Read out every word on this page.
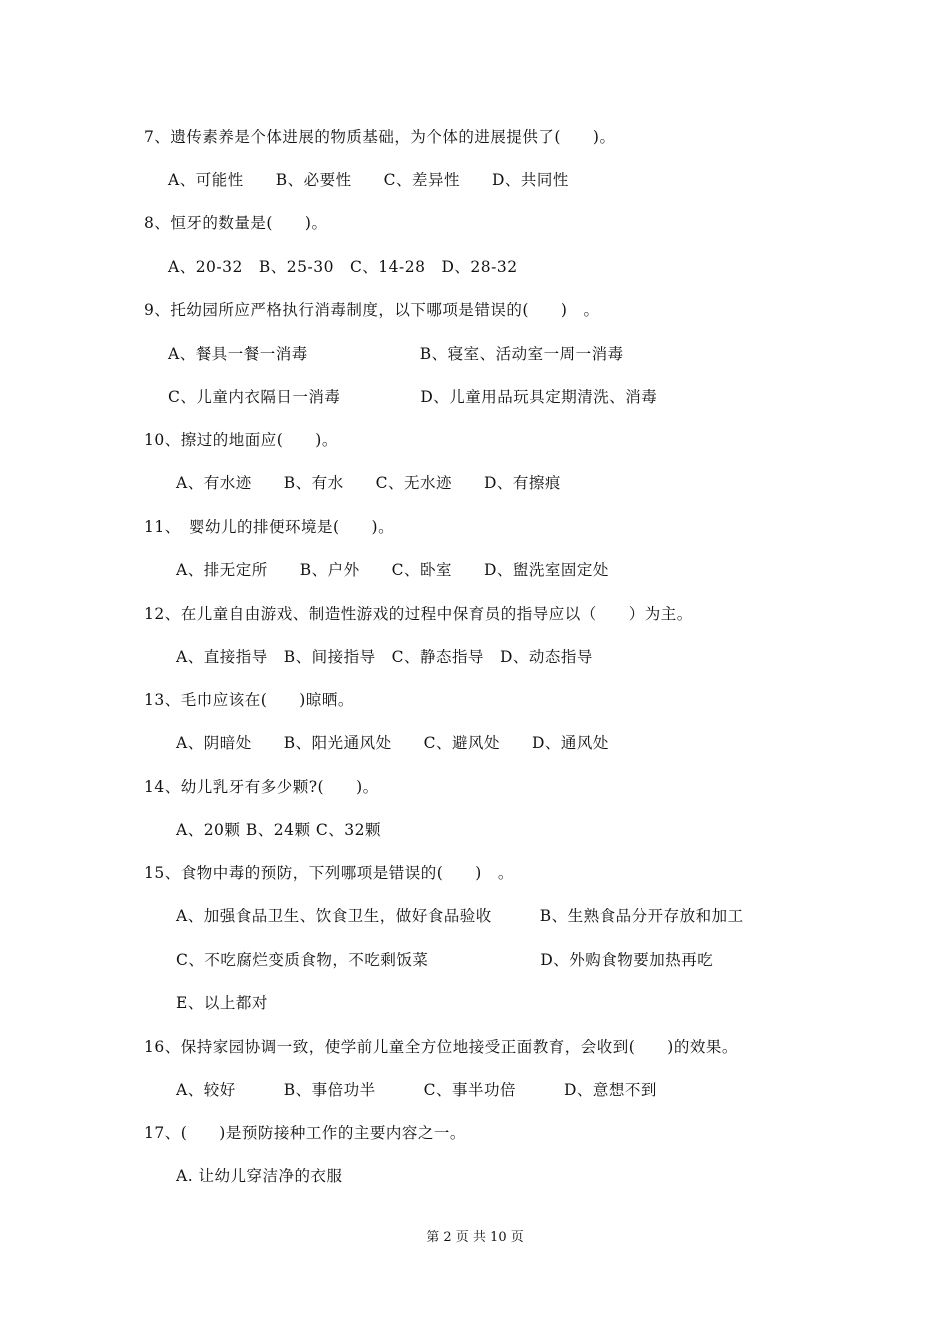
7、遗传素养是个体进展的物质基础，为个体的进展提供了(　　)。
A、可能性　　B、必要性　　C、差异性　　D、共同性
8、恒牙的数量是(　　)。
A、20-32　B、25-30　C、14-28　D、28-32
9、托幼园所应严格执行消毒制度，以下哪项是错误的(　　)　。
A、餐具一餐一消毒　　　　　　　B、寝室、活动室一周一消毒
C、儿童内衣隔日一消毒　　　　　D、儿童用品玩具定期清洗、消毒
10、擦过的地面应(　　)。
A、有水迹　　B、有水　　C、无水迹　　D、有擦痕
11、　婴幼儿的排便环境是(　　)。
A、排无定所　　B、户外　　C、卧室　　D、盥洗室固定处
12、在儿童自由游戏、制造性游戏的过程中保育员的指导应以（　　）为主。
A、直接指导　B、间接指导　C、静态指导　D、动态指导
13、毛巾应该在(　　)晾晒。
A、阴暗处　　B、阳光通风处　　C、避风处　　D、通风处
14、幼儿乳牙有多少颗?(　　)。
A、20颗 B、24颗 C、32颗
15、食物中毒的预防，下列哪项是错误的(　　)　。
A、加强食品卫生、饮食卫生，做好食品验收　　　B、生熟食品分开存放和加工
C、不吃腐烂变质食物，不吃剩饭菜　　　　　　　D、外购食物要加热再吃
E、以上都对
16、保持家园协调一致，使学前儿童全方位地接受正面教育，会收到(　　)的效果。
A、较好　　　B、事倍功半　　　C、事半功倍　　　D、意想不到
17、(　　)是预防接种工作的主要内容之一。
A. 让幼儿穿洁净的衣服
第 2 页 共 10 页
